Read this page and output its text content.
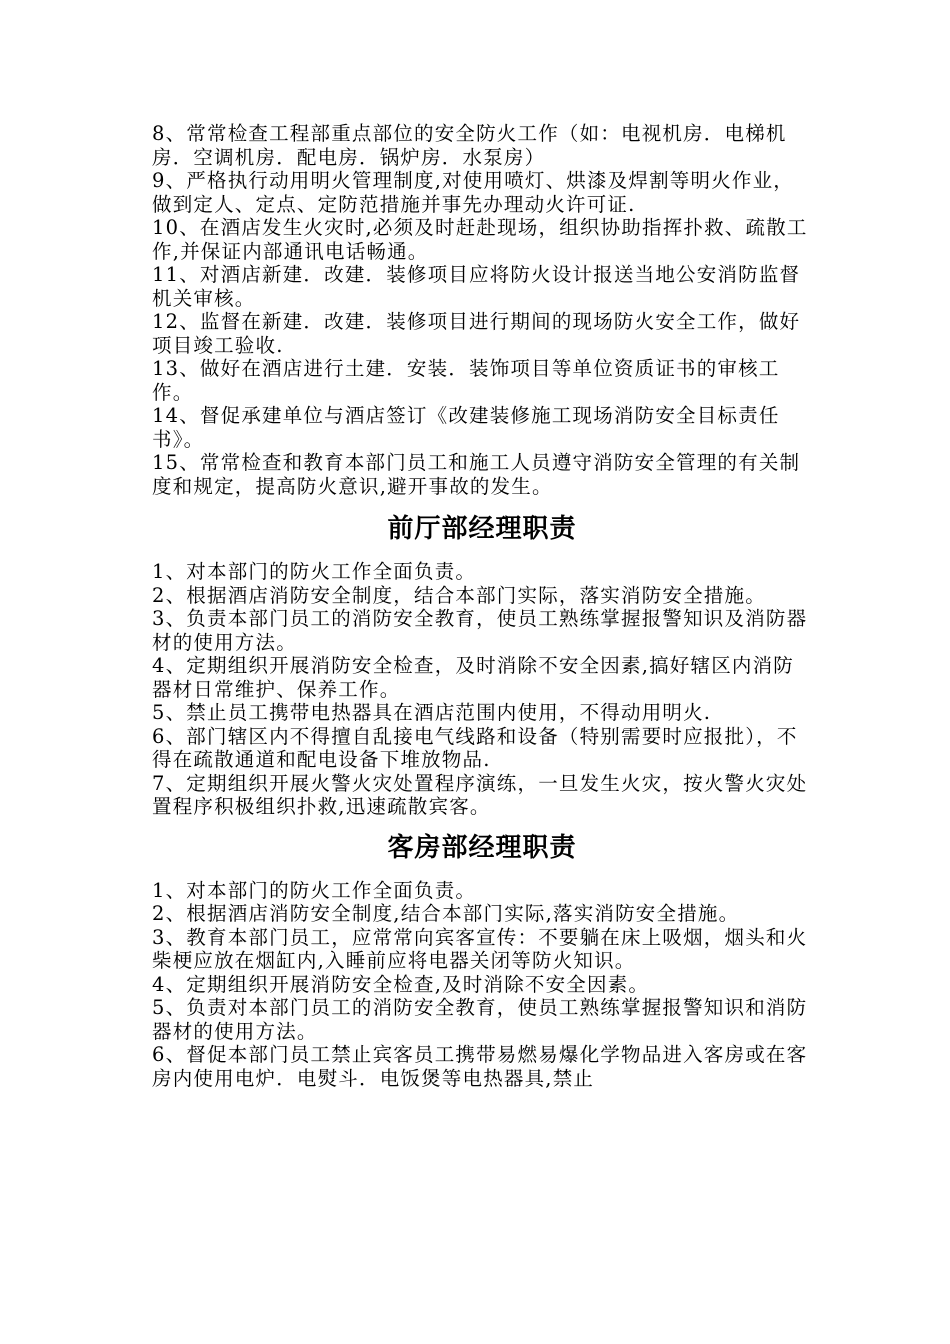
8、常常检查工程部重点部位的安全防火工作（如：电视机房．电梯机房．空调机房．配电房．锅炉房．水泵房）

9、严格执行动用明火管理制度,对使用喷灯、烘漆及焊割等明火作业，做到定人、定点、定防范措施并事先办理动火许可证.

10、在酒店发生火灾时,必须及时赶赴现场，组织协助指挥扑救、疏散工作,并保证内部通讯电话畅通。

11、对酒店新建．改建．装修项目应将防火设计报送当地公安消防监督机关审核。

12、监督在新建．改建．装修项目进行期间的现场防火安全工作，做好项目竣工验收.

13、做好在酒店进行土建．安装．装饰项目等单位资质证书的审核工作。

14、督促承建单位与酒店签订《改建装修施工现场消防安全目标责任书》。

15、常常检查和教育本部门员工和施工人员遵守消防安全管理的有关制度和规定，提高防火意识,避开事故的发生。

前厅部经理职责

1、对本部门的防火工作全面负责。

2、根据酒店消防安全制度，结合本部门实际，落实消防安全措施。

3、负责本部门员工的消防安全教育，使员工熟练掌握报警知识及消防器材的使用方法。

4、定期组织开展消防安全检查，及时消除不安全因素,搞好辖区内消防器材日常维护、保养工作。

5、禁止员工携带电热器具在酒店范围内使用，不得动用明火.

6、部门辖区内不得擅自乱接电气线路和设备（特别需要时应报批），不得在疏散通道和配电设备下堆放物品.

7、定期组织开展火警火灾处置程序演练，一旦发生火灾，按火警火灾处置程序积极组织扑救,迅速疏散宾客。

客房部经理职责

1、对本部门的防火工作全面负责。

2、根据酒店消防安全制度,结合本部门实际,落实消防安全措施。

3、教育本部门员工，应常常向宾客宣传：不要躺在床上吸烟，烟头和火柴梗应放在烟缸内,入睡前应将电器关闭等防火知识。

4、定期组织开展消防安全检查,及时消除不安全因素。

5、负责对本部门员工的消防安全教育，使员工熟练掌握报警知识和消防器材的使用方法。

6、督促本部门员工禁止宾客员工携带易燃易爆化学物品进入客房或在客房内使用电炉．电熨斗．电饭煲等电热器具,禁止
